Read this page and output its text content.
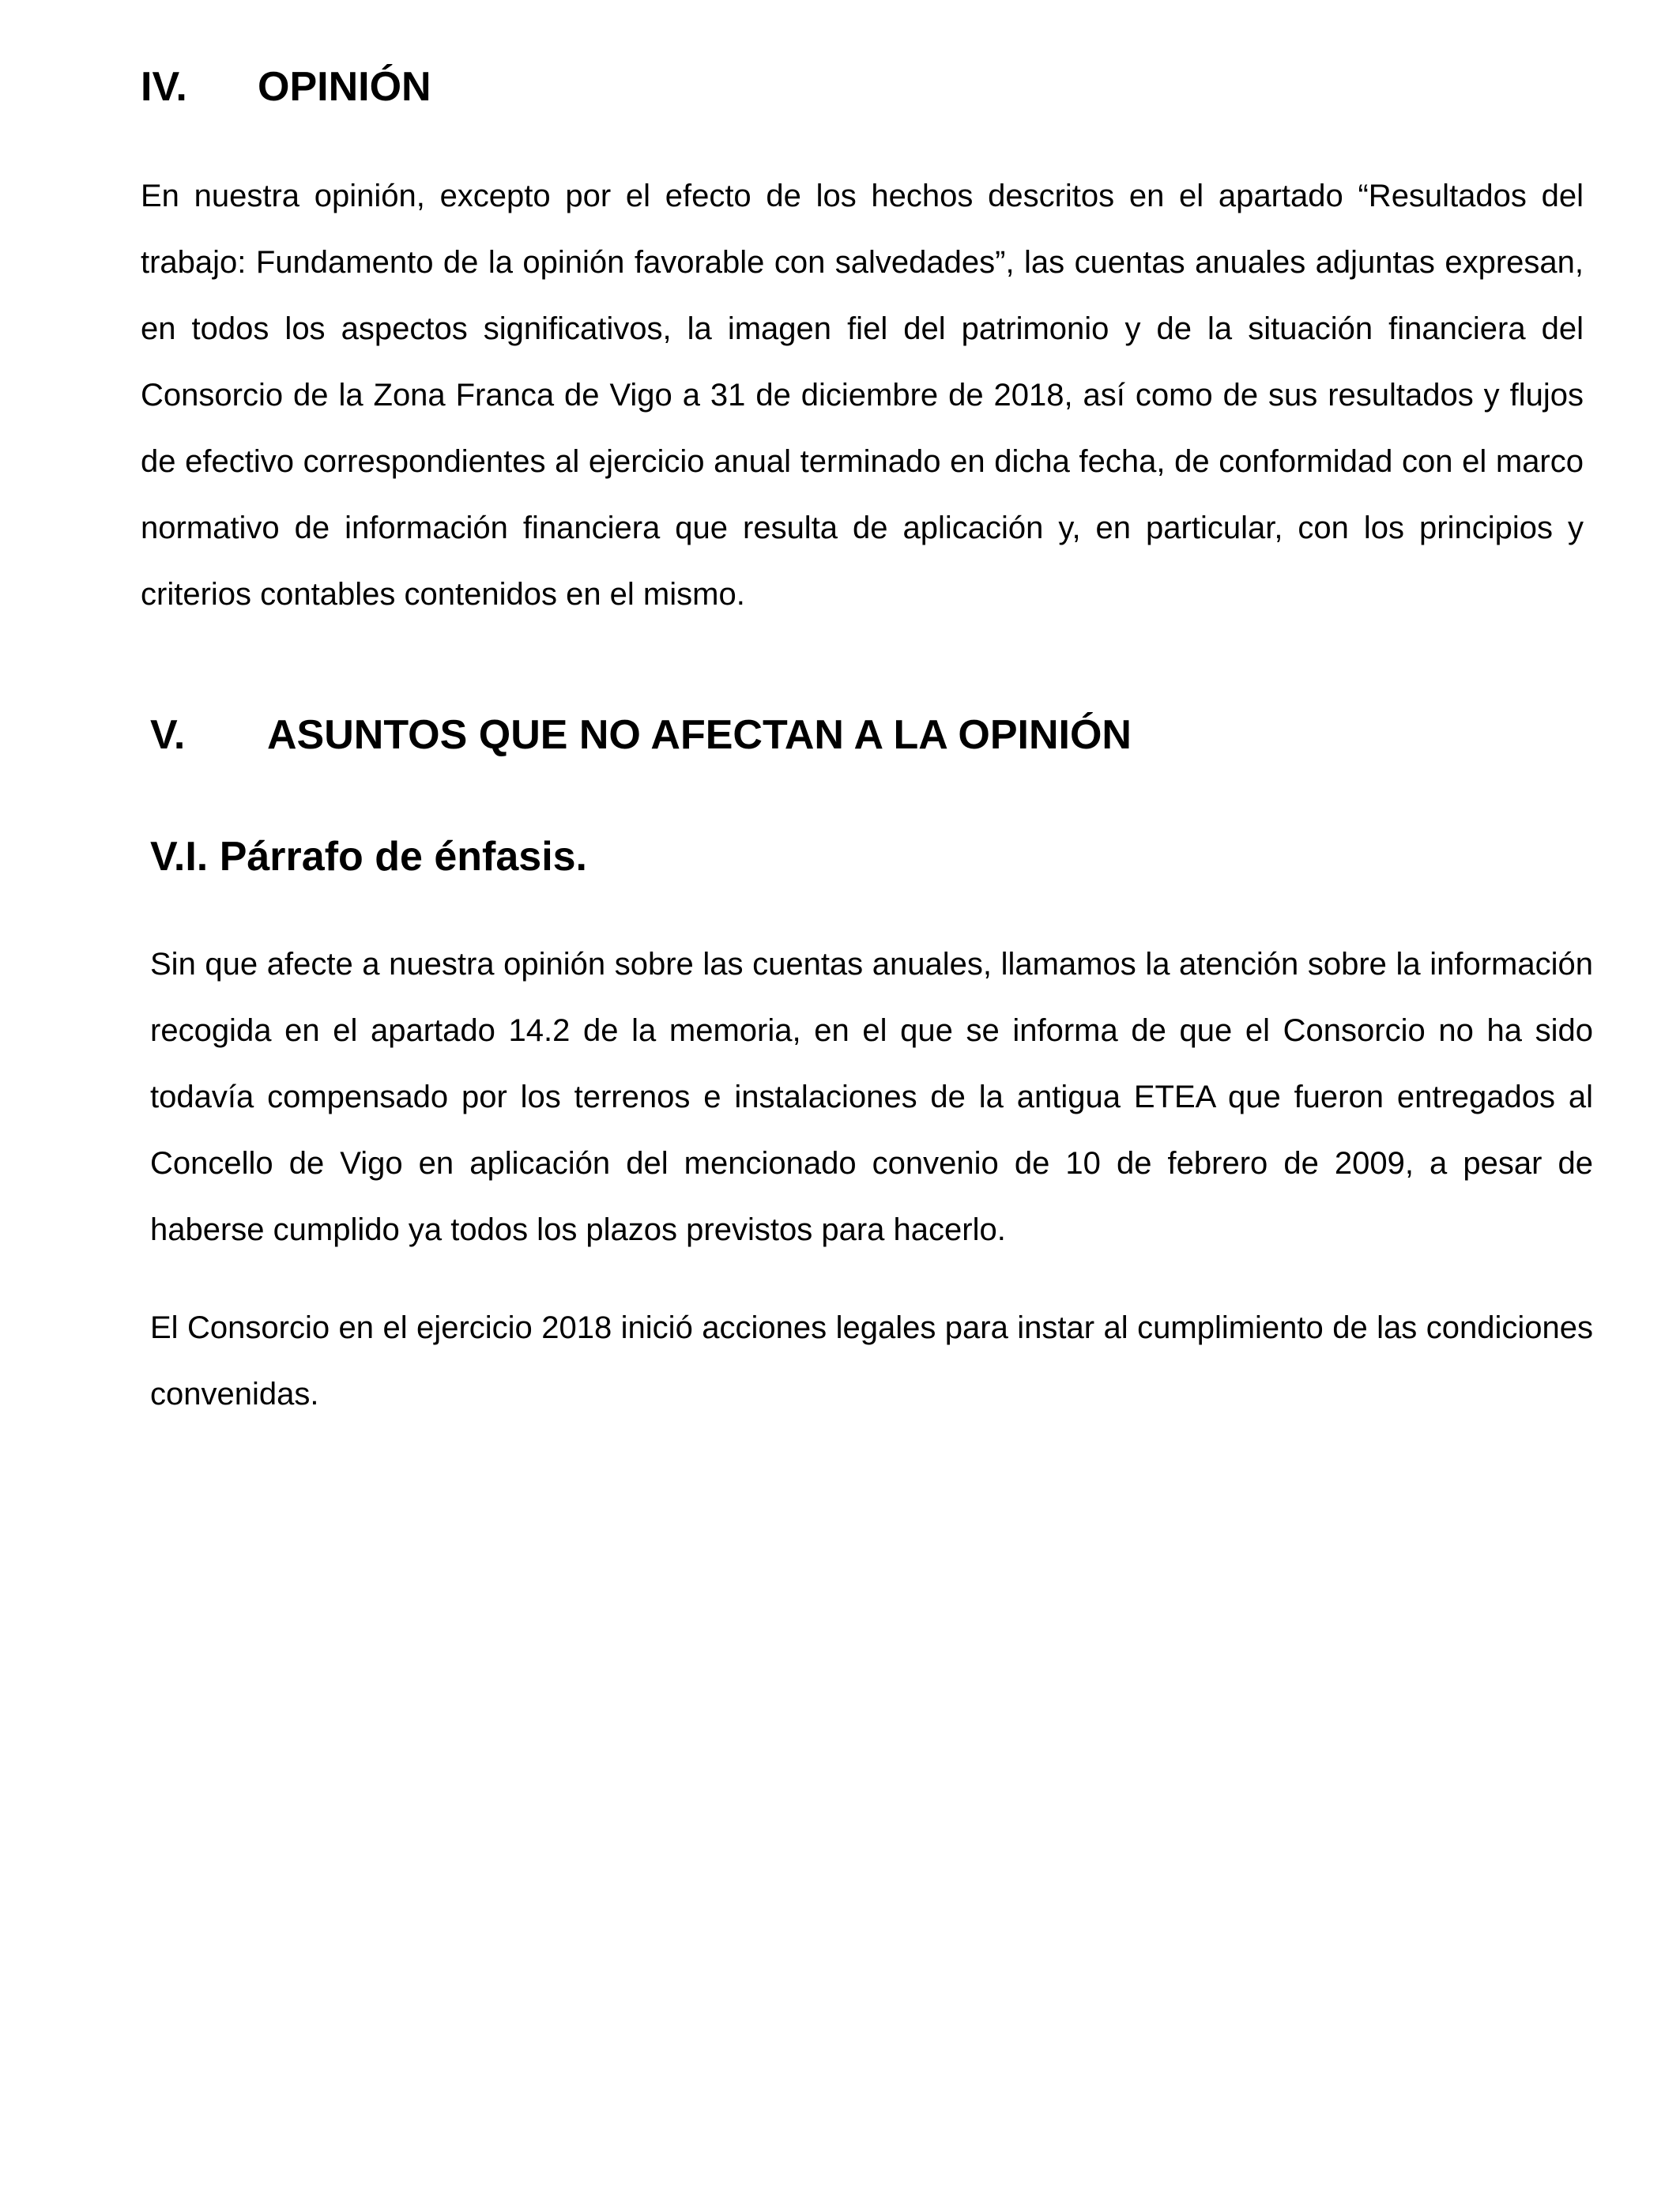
IV. OPINIÓN

En nuestra opinión, excepto por el efecto de los hechos descritos en el apartado “Resultados del trabajo: Fundamento de la opinión favorable con salvedades”, las cuentas anuales adjuntas expresan, en todos los aspectos significativos, la imagen fiel del patrimonio y de la situación financiera del Consorcio de la Zona Franca de Vigo a 31 de diciembre de 2018, así como de sus resultados y flujos de efectivo correspondientes al ejercicio anual terminado en dicha fecha, de conformidad con el marco normativo de información financiera que resulta de aplicación y, en particular, con los principios y criterios contables contenidos en el mismo.

V. ASUNTOS QUE NO AFECTAN A LA OPINIÓN
V.I. Párrafo de énfasis.

Sin que afecte a nuestra opinión sobre las cuentas anuales, llamamos la atención sobre la información recogida en el apartado 14.2 de la memoria, en el que se informa de que el Consorcio no ha sido todavía compensado por los terrenos e instalaciones de la antigua ETEA que fueron entregados al Concello de Vigo en aplicación del mencionado convenio de 10 de febrero de 2009, a pesar de haberse cumplido ya todos los plazos previstos para hacerlo.

El Consorcio en el ejercicio 2018 inició acciones legales para instar al cumplimiento de las condiciones convenidas.
